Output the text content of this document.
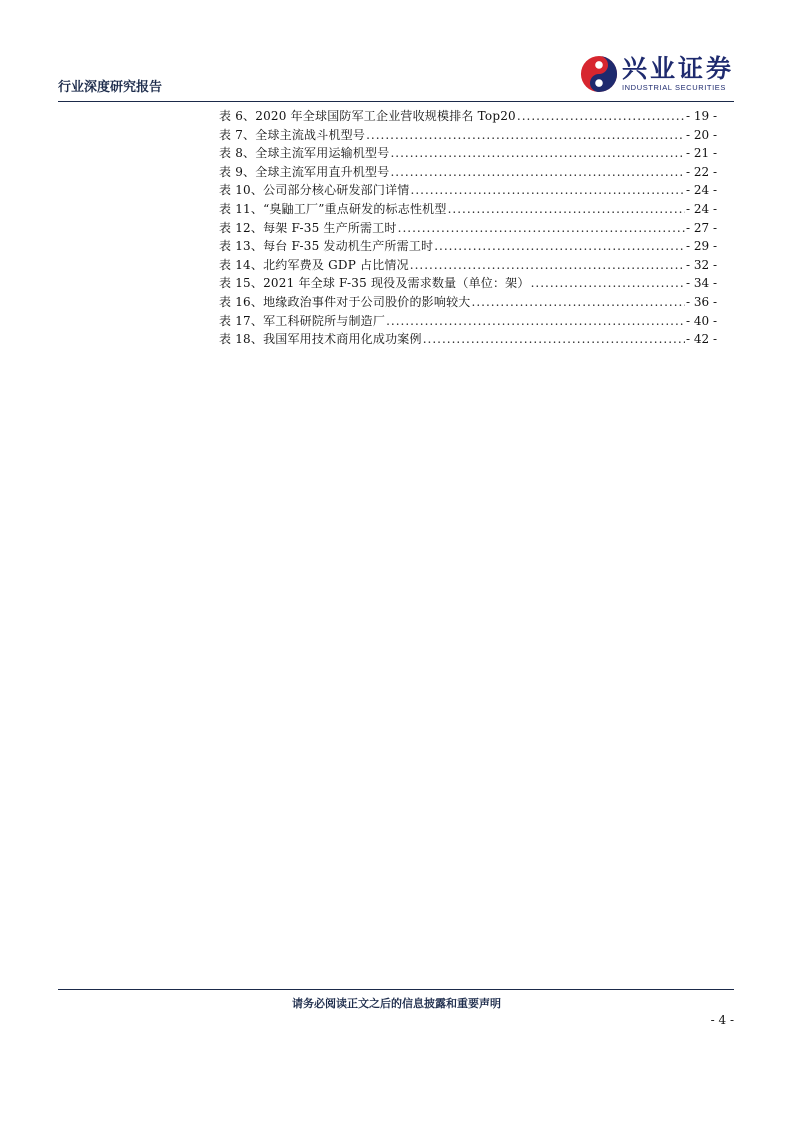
行业深度研究报告
兴业证券
INDUSTRIAL SECURITIES
表 6、2020 年全球国防军工企业营收规模排名 Top20 .....	- 19 -
表 7、全球主流战斗机型号 .....	- 20 -
表 8、全球主流军用运输机型号 .....	- 21 -
表 9、全球主流军用直升机型号 .....	- 22 -
表 10、公司部分核心研发部门详情 .....	- 24 -
表 11、“臭鼬工厂”重点研发的标志性机型 .....	- 24 -
表 12、每架 F-35 生产所需工时 .....	- 27 -
表 13、每台 F-35 发动机生产所需工时 .....	- 29 -
表 14、北约军费及 GDP 占比情况 .....	- 32 -
表 15、2021 年全球 F-35 现役及需求数量（单位：架） .....	- 34 -
表 16、地缘政治事件对于公司股价的影响较大 .....	- 36 -
表 17、军工科研院所与制造厂 .....	- 40 -
表 18、我国军用技术商用化成功案例 .....	- 42 -
请务必阅读正文之后的信息披露和重要声明
- 4 -
